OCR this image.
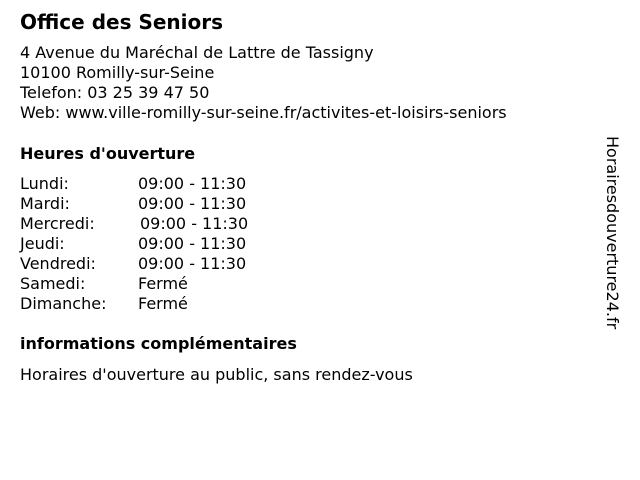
Office des Seniors
4 Avenue du Maréchal de Lattre de Tassigny
10100 Romilly-sur-Seine
Telefon: 03 25 39 47 50
Web: www.ville-romilly-sur-seine.fr/activites-et-loisirs-seniors
Heures d'ouverture
Lundi:	09:00 - 11:30
Mardi:	09:00 - 11:30
Mercredi:	09:00 - 11:30
Jeudi:	09:00 - 11:30
Vendredi:	09:00 - 11:30
Samedi:	Fermé
Dimanche: Fermé
informations complémentaires
Horaires d'ouverture au public, sans rendez-vous
Horairesdouverture24.fr
